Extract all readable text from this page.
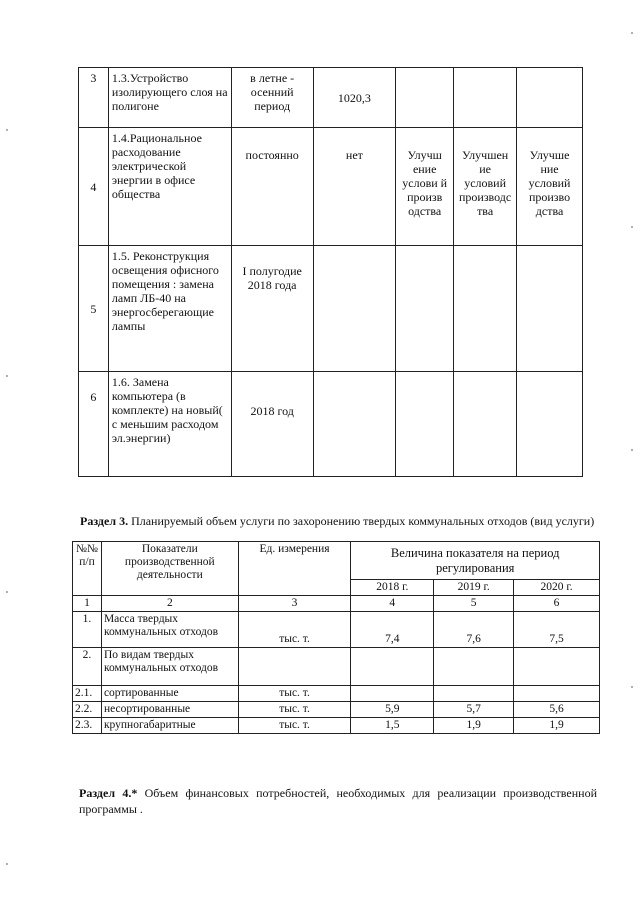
3	1.3.Устройство изолирующего слоя на полигоне	в летне - осенний период	1020,3			
4	1.4.Рациональное расходование электрической энергии в офисе общества	постоянно	нет	Улучш ение услови й произв одства	Улучшен ие условий производс тва	Улучше ние условий произво дства
5	1.5. Реконструкция освещения офисного помещения : замена ламп ЛБ-40 на энергосберегающие лампы	I полугодие 2018 года				
6	1.6. Замена компьютера (в комплекте) на новый( с меньшим расходом эл.энергии)	2018 год				
Раздел 3. Планируемый объем услуги по захоронению твердых коммунальных отходов (вид услуги)
№№ п/п	Показатели производственной деятельности	Ед. измерения	Величина показателя на период регулирования		
			2018 г.	2019 г.	2020 г.
1	2	3	4	5	6
1.	Масса твердых коммунальных отходов	тыс. т.	7,4	7,6	7,5
2.	По видам твердых коммунальных отходов				
2.1.	сортированные	тыс. т.			
2.2.	несортированные	тыс. т.	5,9	5,7	5,6
2.3.	крупногабаритные	тыс. т.	1,5	1,9	1,9
Раздел 4.* Объем финансовых потребностей, необходимых для реализации производственной программы .
